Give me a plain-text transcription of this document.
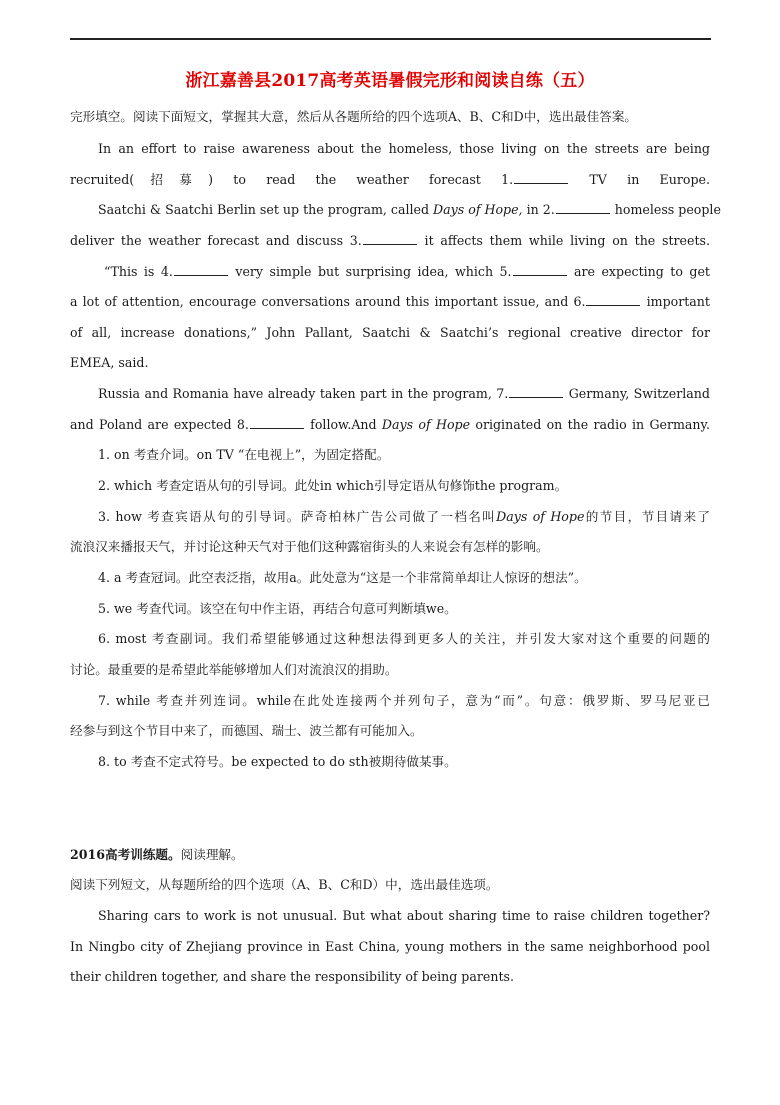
浙江嘉善县2017高考英语暑假完形和阅读自练（五）
完形填空。阅读下面短文，掌握其大意，然后从各题所给的四个选项A、B、C和D中，选出最佳答案。
In an effort to raise awareness about the homeless, those living on the streets are being
recruited(招募) to read the weather forecast 1.	TV in Europe.
Saatchi & Saatchi Berlin set up the program, called Days of Hope, in 2.	homeless people
deliver the weather forecast and discuss 3.	it affects them while living on the streets.
“This is 4.	very simple but surprising idea, which 5.	are expecting to get
a lot of attention, encourage conversations around this important issue, and 6.	important
of all, increase donations,” John Pallant, Saatchi & Saatchi’s regional creative director for
EMEA, said.
Russia and Romania have already taken part in the program, 7.	Germany, Switzerland
and Poland are expected 8.	follow.And Days of Hope originated on the radio in Germany.
1. on 考查介词。on TV “在电视上”，为固定搭配。
2. which 考查定语从句的引导词。此处in which引导定语从句修饰the program。
3. how 考查宾语从句的引导词。萨奇柏林广告公司做了一档名叫Days of Hope的节目，节目请来了
流浪汉来播报天气，并讨论这种天气对于他们这种露宿街头的人来说会有怎样的影响。
4. a 考查冠词。此空表泛指，故用a。此处意为“这是一个非常简单却让人惊讶的想法”。
5. we 考查代词。该空在句中作主语，再结合句意可判断填we。
6. most 考查副词。我们希望能够通过这种想法得到更多人的关注，并引发大家对这个重要的问题的
讨论。最重要的是希望此举能够增加人们对流浪汉的捐助。
7. while 考查并列连词。while在此处连接两个并列句子，意为“而”。句意：俄罗斯、罗马尼亚已
经参与到这个节目中来了，而德国、瑞士、波兰都有可能加入。
8. to 考查不定式符号。be expected to do sth被期待做某事。
2016高考训练题。阅读理解。
阅读下列短文，从每题所给的四个选项（A、B、C和D）中，选出最佳选项。
Sharing cars to work is not unusual. But what about sharing time to raise children together?
In Ningbo city of Zhejiang province in East China, young mothers in the same neighborhood pool
their children together, and share the responsibility of being parents.
